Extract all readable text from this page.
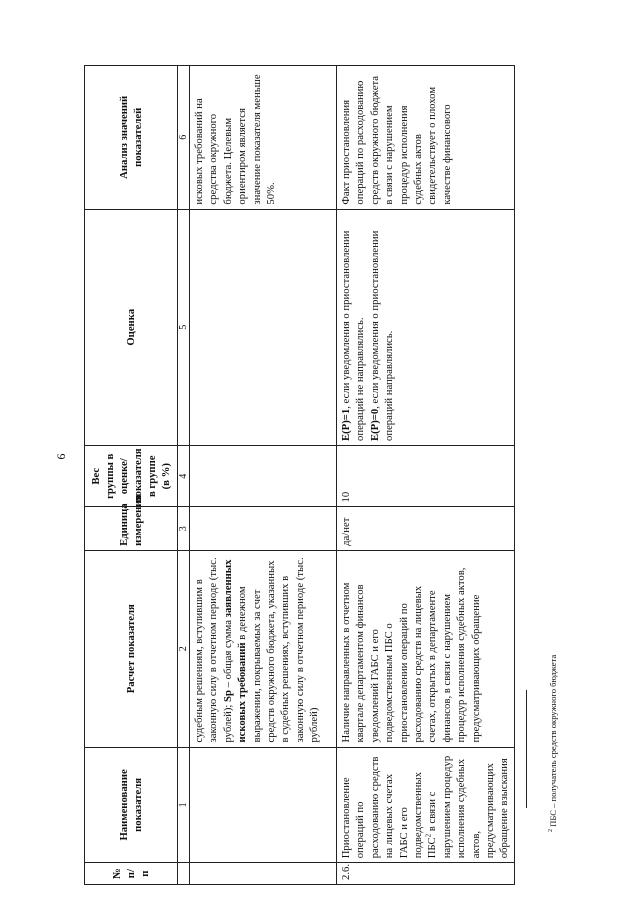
9
№ п/п	Наименование показателя	Расчет показателя	Единица измерения	Вес группы в оценке/ показателя в группе (в %)	Оценка	Анализ значений показателей
	1	2	3	4	5	6
		судебным решениям, вступившим в законную силу в отчетном периоде (тыс. рублей); Sp – общая сумма заявленных исковых требований в денежном выражении, покрываемых за счет средств окружного бюджета, указанных в судебных решениях, вступивших в законную силу в отчетном периоде (тыс. рублей)				исковых требований на средства окружного бюджета. Целевым ориентиром является значение показателя меньше 50%.
2.6.	Приостановление операций по расходованию средств на лицевых счетах ГАБС и его подведомственных ПБС$^2$ в связи с нарушением процедур исполнения судебных актов, предусматривающих обращение взыскания	Наличие направленных в отчетном квартале департаментом финансов уведомлений ГАБС и его подведомственным ПБС о приостановлении операций по расходованию средств на лицевых счетах, открытых в департаменте финансов, в связи с нарушением процедур исполнения судебных актов, предусматривающих обращение	да/нет	10	E(P)=1, если уведомления о приостановлении операций не направлялись. E(P)=0, если уведомления о приостановлении операций направлялись.	Факт приостановления операций по расходованию средств окружного бюджета в связи с нарушением процедур исполнения судебных актов свидетельствует о плохом качестве финансового
$^2$ ПБС – получатель средств окружного бюджета
